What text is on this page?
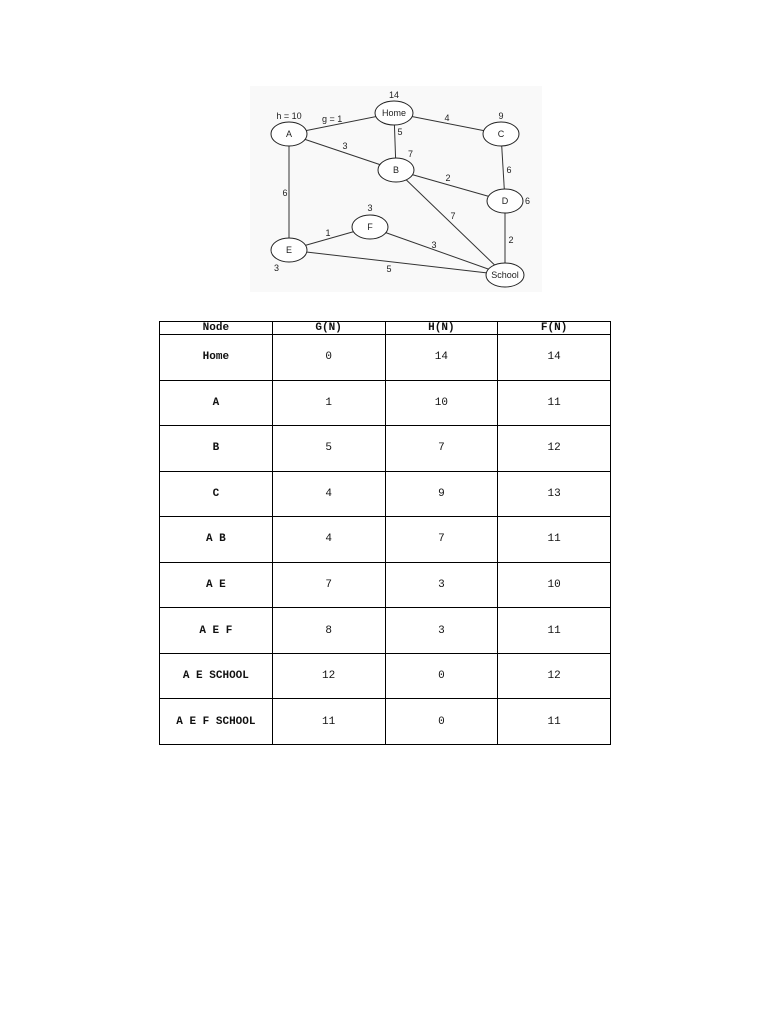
g = 1	4
5
3
6
6
2
7
2
1
3
5
Home
14
A
h = 10
B
7
C
9
D 6
E
3
F
3
School
Node	G(N)	H(N)	F(N)
Home	0	14	14
A	1	10	11
B	5	7	12
C	4	9	13
A B	4	7	11
A E	7	3	10
A E F	8	3	11
A E SCHOOL	12	0	12
A E F SCHOOL	11	0	11
